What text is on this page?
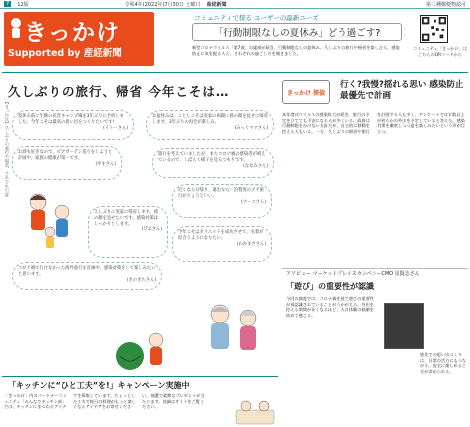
7	12版	令和4年(2022年)7月30日 土曜日 産経新聞	第三種郵便物認可
きっかけ
Supported by 産経新聞
コミュニティで探る ユーザーの最新ニーズ
「行動制限なしの夏休み」どう過ごす?
新型コロナウイルス「第7波」の猛威が続き、行動制限なしの夏休み。久しぶりの旅行や帰省を楽しむ人、感染防止に気を配る人と、それぞれの過ごし方を聞きました。
コミュニティ「きっかけ」はこちらのQRコードから
久しぶりの旅行、帰省 今年こそは…
【きっかけ】久しぶりの旅行や帰省、それぞれの夏	夏休み前に生駒の民営キャンプ場を3年ぶりに予約しました。今年こそは最高の思い出をつくりたいです!
(イトーさん)
お盆休みは、ことしこそは実家の両親に孫の顔を見せに帰省します。3年ぶりの再会が楽しみ。
(みっくママさん)
お酒も好きなので、ビアガーデン巡りをしようと計画中。家族の健康が第一です。
(やすさん)
旅行を考えていましたが、またコロナ禍の感染者が増えているので、しばらく様子を見るつもりです。
(ななみさん)
近くなら日帰り、遠出なら一泊程度のプチ旅行がちょうどいい。
(ナーコさん)
久しぶりに実家に帰省します。孫の顔を見せたいです。感染対策はしっかりとします。
(ぴよさん)
今年こそはダイエットを成功させて、水着が似合うようになりたい。
(わかまささん)
コロナ禍で行けなかった海外旅行を計画中。感染対策をして楽しみたいと思います。
(きのきちさん)
きっかけ 探偵
行く?我慢?揺れる思い 感染防止最優先で計画
本年度はウイルスの感染拡大が続き、旅行の予定を立てても不安になる人が多くいる。政府は行動制限をかけない方針だが、自主的に移動を控える人もいる。一方、久しぶりの帰省や旅行を計画する人も多く、アンケートでは半数以上が何らかの外出を予定していると答えた。感染対策を徹底しつつ夏を楽しみたいという声が目立つ。
アソビュー マーケットプレイスカンパニーCMO 星賢志さん
「遊び」の重要性が認識
今回の調査では、コロナ禍を経て遊びの重要性が再認識されていることがうかがえる。外出を控える期間が長くなるほど、人は体験の価値を改めて感じる。
旅先での思い出づくりは、日常の活力にもつながる。安全に楽しめる工夫が求められる。
「キッチンに“ひと工夫”を!」キャンペーン実施中
「きっかけ」内のパートナーコミュニティ「みんなでキッチン部」では、キッチンにまつわるアイデアを募集しています。ちょっとした工夫で毎日の料理がもっと楽しくなるアイデアをお寄せください。抽選で素敵なプレゼントが当たります。詳細はサイトをご覧ください。
